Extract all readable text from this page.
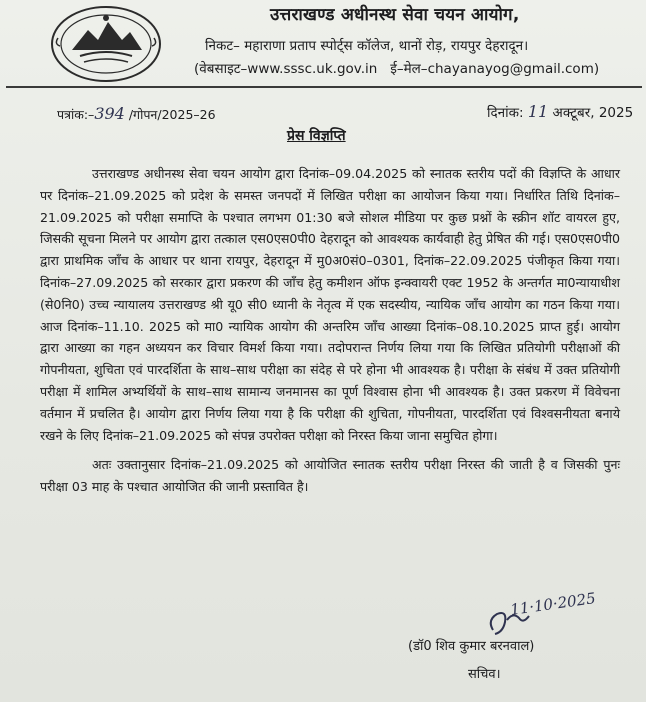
उत्तराखण्ड अधीनस्थ सेवा चयन आयोग,
निकट– महाराणा प्रताप स्पोर्ट्स कॉलेज, थानों रोड़, रायपुर देहरादून।
(वेबसाइट–www.sssc.uk.gov.in ई–मेल–chayanayog@gmail.com)
पत्रांक:–394 /गोपन/2025–26	दिनांक: 11 अक्टूबर, 2025
प्रेस विज्ञप्ति

उत्तराखण्ड अधीनस्थ सेवा चयन आयोग द्वारा दिनांक–09.04.2025 को स्नातक स्तरीय पदों की विज्ञप्ति के आधार पर दिनांक–21.09.2025 को प्रदेश के समस्त जनपदों में लिखित परीक्षा का आयोजन किया गया। निर्धारित तिथि दिनांक–21.09.2025 को परीक्षा समाप्ति के पश्चात लगभग 01:30 बजे सोशल मीडिया पर कुछ प्रश्नों के स्क्रीन शॉट वायरल हुए, जिसकी सूचना मिलने पर आयोग द्वारा तत्काल एस0एस0पी0 देहरादून को आवश्यक कार्यवाही हेतु प्रेषित की गई। एस0एस0पी0 द्वारा प्राथमिक जाँच के आधार पर थाना रायपुर, देहरादून में मु0अ0सं0–0301, दिनांक–22.09.2025 पंजीकृत किया गया। दिनांक–27.09.2025 को सरकार द्वारा प्रकरण की जाँच हेतु कमीशन ऑफ इन्क्वायरी एक्ट 1952 के अन्तर्गत मा0न्यायाधीश (से0नि0) उच्च न्यायालय उत्तराखण्ड श्री यू0 सी0 ध्यानी के नेतृत्व में एक सदस्यीय, न्यायिक जाँच आयोग का गठन किया गया। आज दिनांक–11.10. 2025 को मा0 न्यायिक आयोग की अन्तरिम जाँच आख्या दिनांक–08.10.2025 प्राप्त हुई। आयोग द्वारा आख्या का गहन अध्ययन कर विचार विमर्श किया गया। तदोपरान्त निर्णय लिया गया कि लिखित प्रतियोगी परीक्षाओं की गोपनीयता, शुचिता एवं पारदर्शिता के साथ–साथ परीक्षा का संदेह से परे होना भी आवश्यक है। परीक्षा के संबंध में उक्त प्रतियोगी परीक्षा में शामिल अभ्यर्थियों के साथ–साथ सामान्य जनमानस का पूर्ण विश्वास होना भी आवश्यक है। उक्त प्रकरण में विवेचना वर्तमान में प्रचलित है। आयोग द्वारा निर्णय लिया गया है कि परीक्षा की शुचिता, गोपनीयता, पारदर्शिता एवं विश्वसनीयता बनाये रखने के लिए दिनांक–21.09.2025 को संपन्न उपरोक्त परीक्षा को निरस्त किया जाना समुचित होगा।

अतः उक्तानुसार दिनांक–21.09.2025 को आयोजित स्नातक स्तरीय परीक्षा निरस्त की जाती है व जिसकी पुनः परीक्षा 03 माह के पश्चात आयोजित की जानी प्रस्तावित है।

11·10·2025
(डॉ0 शिव कुमार बरनवाल)
सचिव।
